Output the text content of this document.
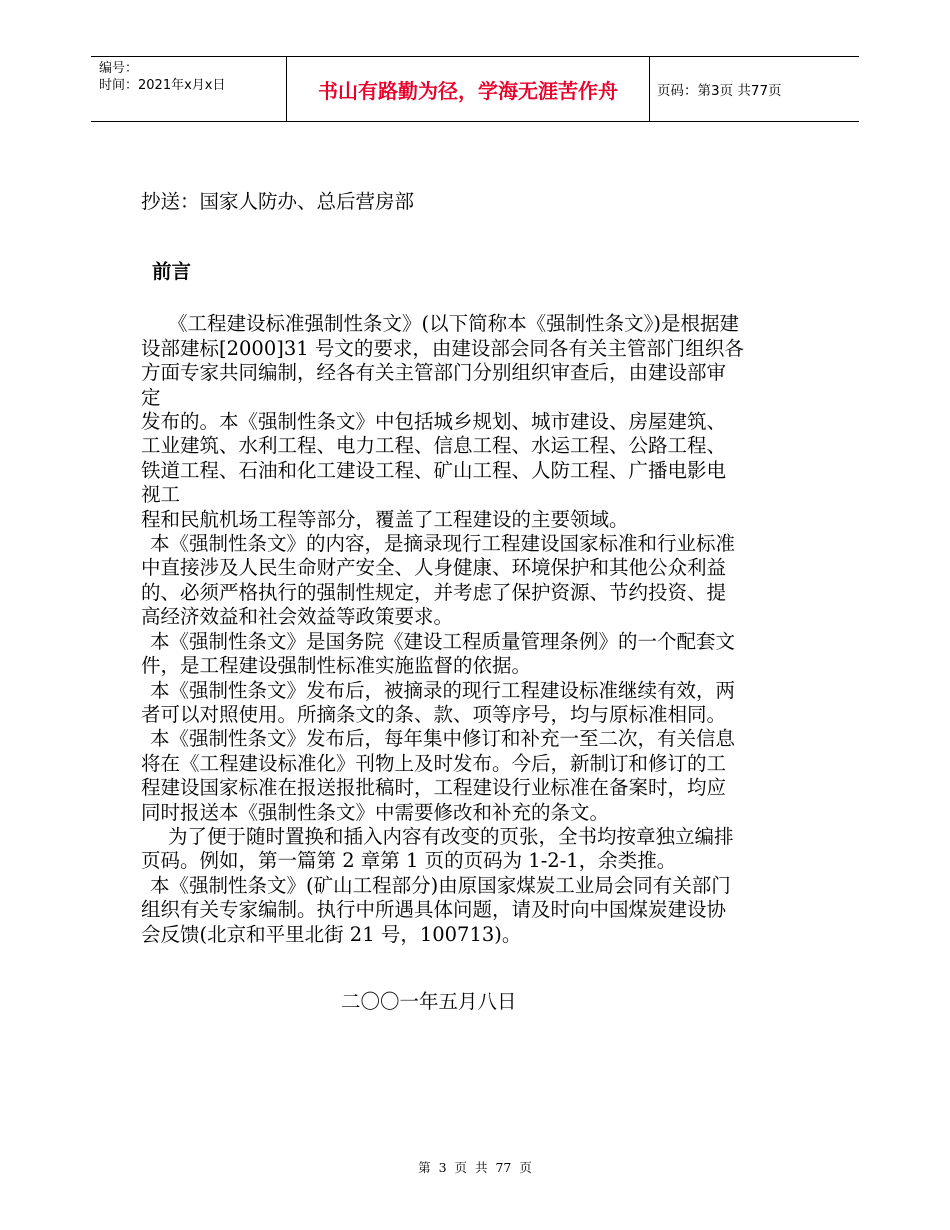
编号：
时间：2021年x月x日	书山有路勤为径，学海无涯苦作舟	页码：第3页 共77页

抄送：国家人防办、总后营房部

前言

《工程建设标准强制性条文》(以下简称本《强制性条文》)是根据建

设部建标[2000]31 号文的要求，由建设部会同各有关主管部门组织各

方面专家共同编制，经各有关主管部门分别组织审查后，由建设部审

定

发布的。本《强制性条文》中包括城乡规划、城市建设、房屋建筑、

工业建筑、水利工程、电力工程、信息工程、水运工程、公路工程、

铁道工程、石油和化工建设工程、矿山工程、人防工程、广播电影电

视工

程和民航机场工程等部分，覆盖了工程建设的主要领域。

本《强制性条文》的内容，是摘录现行工程建设国家标准和行业标准

中直接涉及人民生命财产安全、人身健康、环境保护和其他公众利益

的、必须严格执行的强制性规定，并考虑了保护资源、节约投资、提

高经济效益和社会效益等政策要求。

本《强制性条文》是国务院《建设工程质量管理条例》的一个配套文

件，是工程建设强制性标准实施监督的依据。

本《强制性条文》发布后，被摘录的现行工程建设标准继续有效，两

者可以对照使用。所摘条文的条、款、项等序号，均与原标准相同。

本《强制性条文》发布后，每年集中修订和补充一至二次，有关信息

将在《工程建设标准化》刊物上及时发布。今后，新制订和修订的工

程建设国家标准在报送报批稿时，工程建设行业标准在备案时，均应

同时报送本《强制性条文》中需要修改和补充的条文。

为了便于随时置换和插入内容有改变的页张，全书均按章独立编排

页码。例如，第一篇第 2 章第 1 页的页码为 1-2-1，余类推。

本《强制性条文》(矿山工程部分)由原国家煤炭工业局会同有关部门

组织有关专家编制。执行中所遇具体问题，请及时向中国煤炭建设协

会反馈(北京和平里北街 21 号，100713)。

二〇〇一年五月八日

第 3 页 共 77 页
